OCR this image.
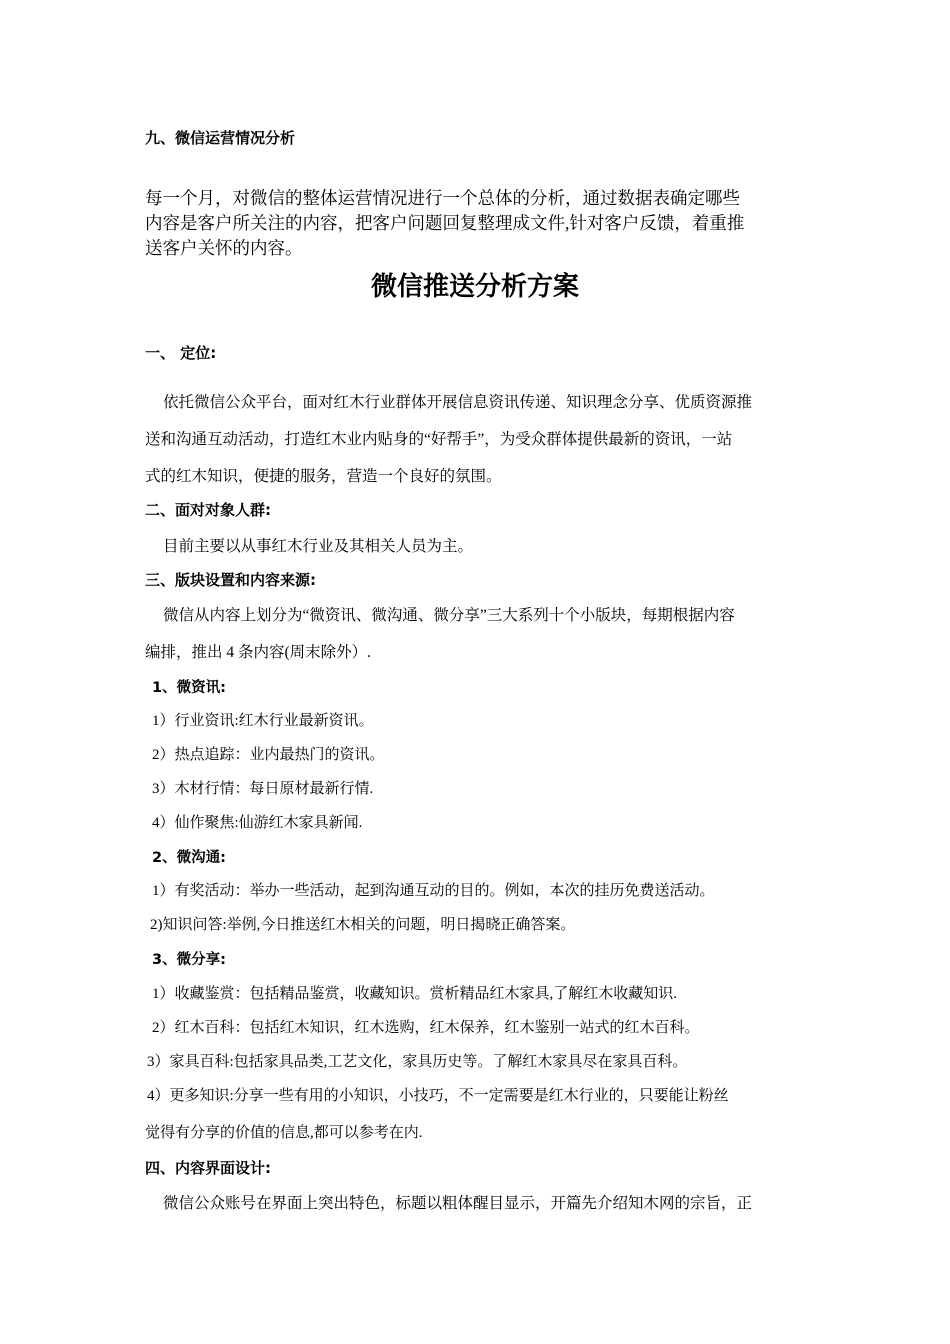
九、微信运营情况分析

每一个月，对微信的整体运营情况进行一个总体的分析，通过数据表确定哪些

内容是客户所关注的内容，把客户问题回复整理成文件,针对客户反馈，着重推

送客户关怀的内容。

微信推送分析方案

一、 定位:

依托微信公众平台，面对红木行业群体开展信息资讯传递、知识理念分享、优质资源推

送和沟通互动活动，打造红木业内贴身的“好帮手”，为受众群体提供最新的资讯，一站

式的红木知识，便捷的服务，营造一个良好的氛围。

二、面对对象人群:

目前主要以从事红木行业及其相关人员为主。

三、版块设置和内容来源:

微信从内容上划分为“微资讯、微沟通、微分享”三大系列十个小版块，每期根据内容

编排，推出 4 条内容(周末除外）.

1、微资讯:

1）行业资讯:红木行业最新资讯。

2）热点追踪：业内最热门的资讯。

3）木材行情：每日原材最新行情.

4）仙作聚焦:仙游红木家具新闻.

2、微沟通:

1）有奖活动：举办一些活动，起到沟通互动的目的。例如，本次的挂历免费送活动。

2)知识问答:举例,今日推送红木相关的问题，明日揭晓正确答案。

3、微分享:

1）收藏鉴赏：包括精品鉴赏，收藏知识。赏析精品红木家具,了解红木收藏知识.

2）红木百科：包括红木知识，红木选购，红木保养，红木鉴别一站式的红木百科。

3）家具百科:包括家具品类,工艺文化，家具历史等。了解红木家具尽在家具百科。

4）更多知识:分享一些有用的小知识，小技巧，不一定需要是红木行业的，只要能让粉丝

觉得有分享的价值的信息,都可以参考在内.

四、内容界面设计:

微信公众账号在界面上突出特色，标题以粗体醒目显示，开篇先介绍知木网的宗旨，正
